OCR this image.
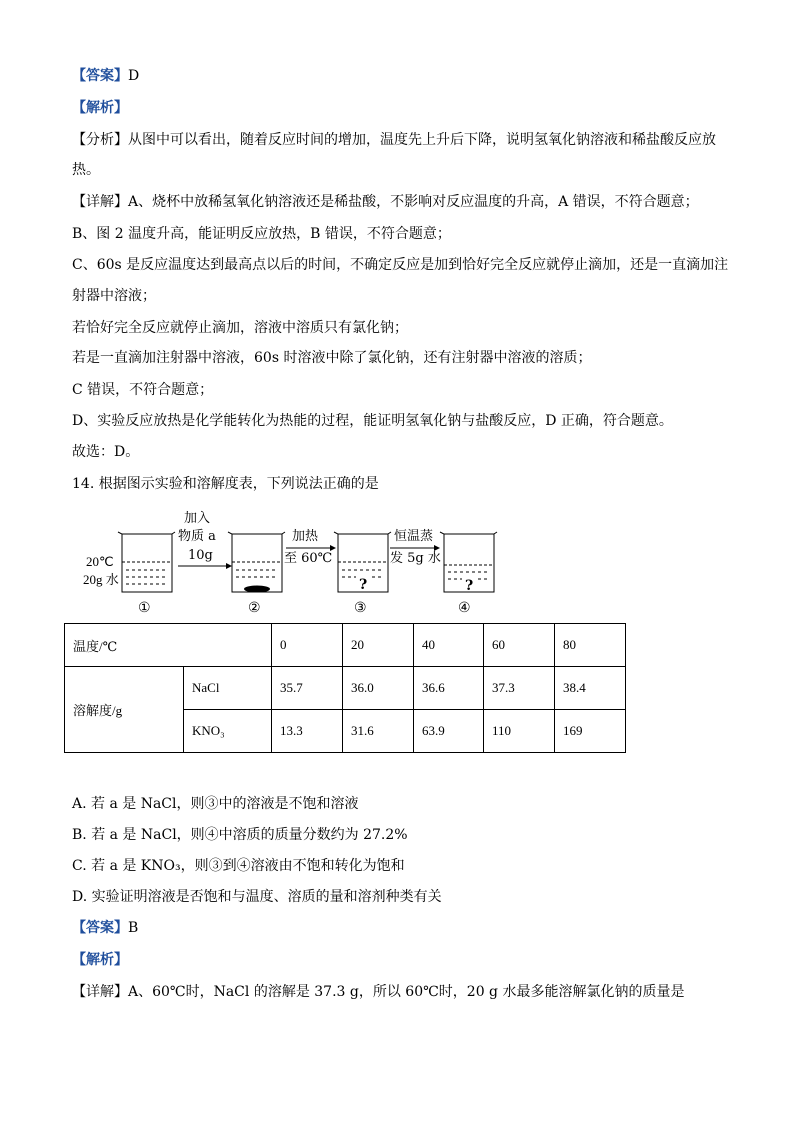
【答案】D
【解析】
【分析】从图中可以看出，随着反应时间的增加，温度先上升后下降，说明氢氧化钠溶液和稀盐酸反应放
热。
【详解】A、烧杯中放稀氢氧化钠溶液还是稀盐酸，不影响对反应温度的升高，A 错误，不符合题意；
B、图 2 温度升高，能证明反应放热，B 错误，不符合题意；
C、60s 是反应温度达到最高点以后的时间，不确定反应是加到恰好完全反应就停止滴加，还是一直滴加注
射器中溶液；
若恰好完全反应就停止滴加，溶液中溶质只有氯化钠；
若是一直滴加注射器中溶液，60s 时溶液中除了氯化钠，还有注射器中溶液的溶质；
C 错误，不符合题意；
D、实验反应放热是化学能转化为热能的过程，能证明氢氧化钠与盐酸反应，D 正确，符合题意。
故选：D。
14. 根据图示实验和溶解度表，下列说法正确的是
20℃
20g 水
①
加入
物质 a
10g
②
加热
至 60℃
?
③
恒温蒸
发 5g 水
?
④
温度/℃		0	20	40	60	80
溶解度/g	NaCl	35.7	36.0	36.6	37.3	38.4
	KNO₃	13.3	31.6	63.9	110	169
A. 若 a 是 NaCl，则③中的溶液是不饱和溶液
B. 若 a 是 NaCl，则④中溶质的质量分数约为 27.2%
C. 若 a 是 KNO₃，则③到④溶液由不饱和转化为饱和
D. 实验证明溶液是否饱和与温度、溶质的量和溶剂种类有关
【答案】B
【解析】
【详解】A、60℃时，NaCl 的溶解是 37.3 g，所以 60℃时，20 g 水最多能溶解氯化钠的质量是
